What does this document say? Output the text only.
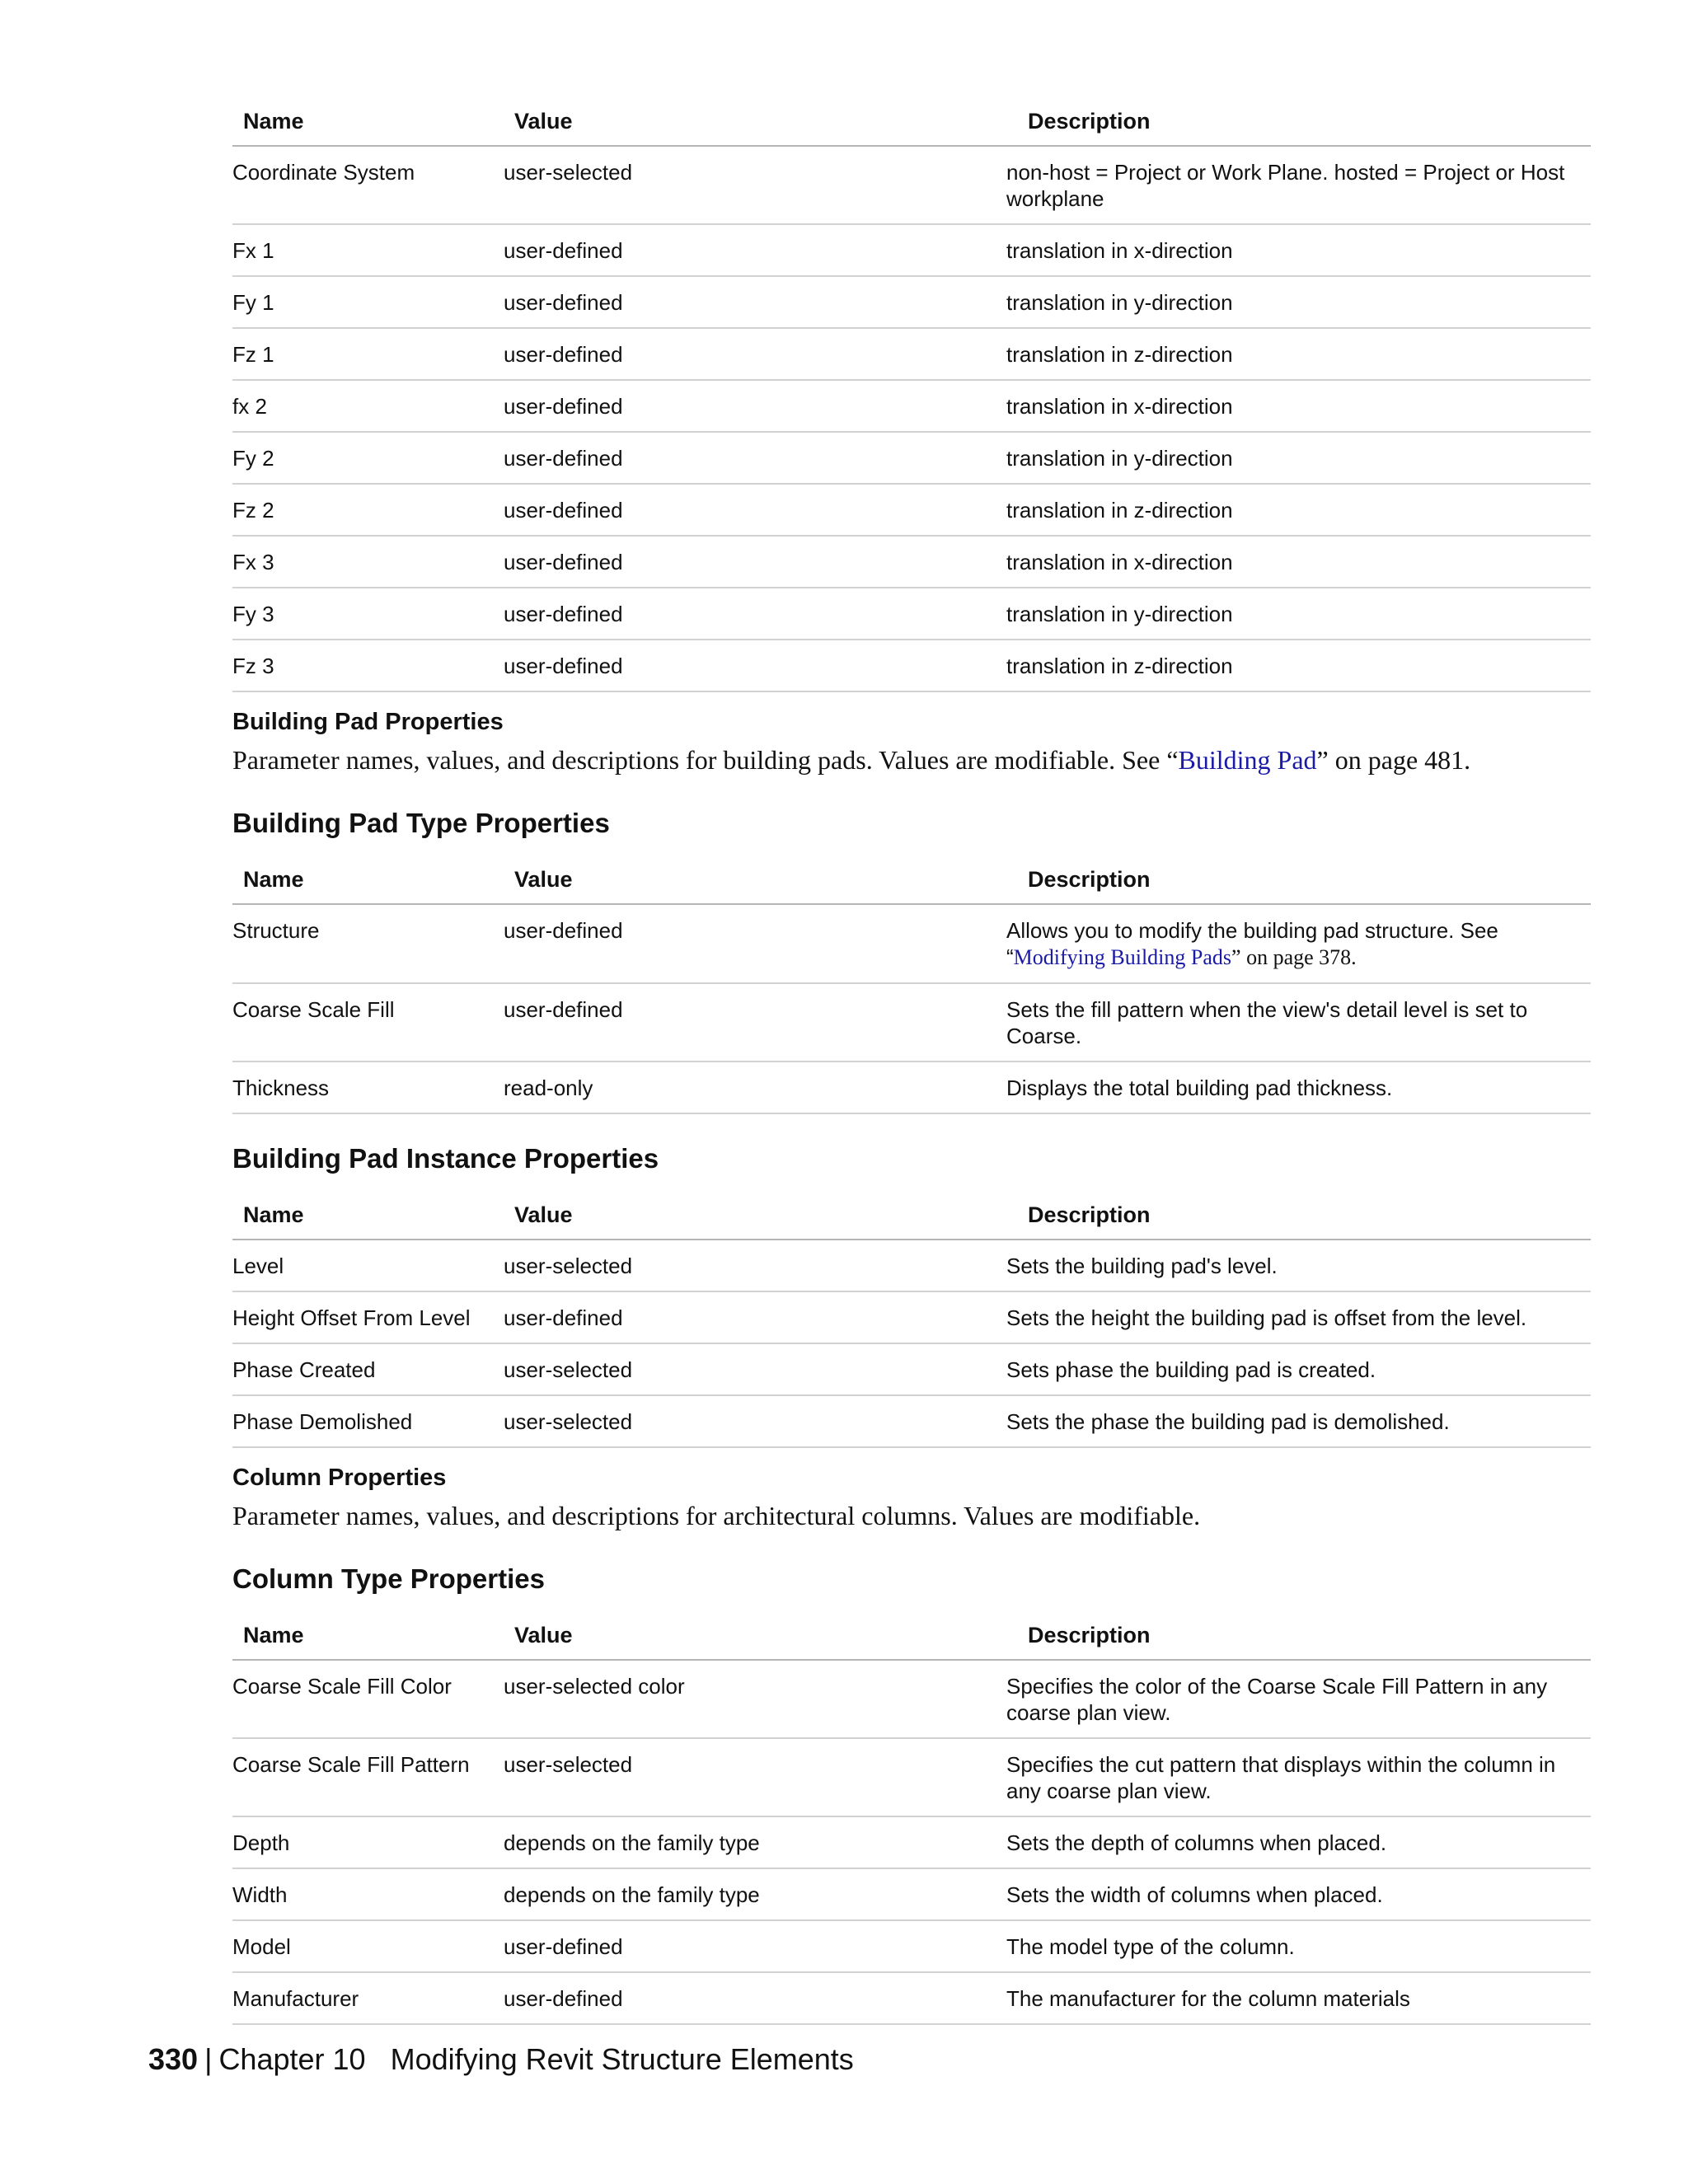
Name	Value	Description
Coordinate System	user-selected	non-host = Project or Work Plane. hosted = Project or Host workplane
Fx 1	user-defined	translation in x-direction
Fy 1	user-defined	translation in y-direction
Fz 1	user-defined	translation in z-direction
fx 2	user-defined	translation in x-direction
Fy 2	user-defined	translation in y-direction
Fz 2	user-defined	translation in z-direction
Fx 3	user-defined	translation in x-direction
Fy 3	user-defined	translation in y-direction
Fz 3	user-defined	translation in z-direction
Building Pad Properties

Parameter names, values, and descriptions for building pads. Values are modifiable. See “Building Pad” on page 481.

Building Pad Type Properties
Name	Value	Description
Structure	user-defined	Allows you to modify the building pad structure. See “Modifying Building Pads” on page 378.
Coarse Scale Fill	user-defined	Sets the fill pattern when the view's detail level is set to Coarse.
Thickness	read-only	Displays the total building pad thickness.
Building Pad Instance Properties
Name	Value	Description
Level	user-selected	Sets the building pad's level.
Height Offset From Level	user-defined	Sets the height the building pad is offset from the level.
Phase Created	user-selected	Sets phase the building pad is created.
Phase Demolished	user-selected	Sets the phase the building pad is demolished.
Column Properties

Parameter names, values, and descriptions for architectural columns. Values are modifiable.

Column Type Properties
Name	Value	Description
Coarse Scale Fill Color	user-selected color	Specifies the color of the Coarse Scale Fill Pattern in any coarse plan view.
Coarse Scale Fill Pattern	user-selected	Specifies the cut pattern that displays within the column in any coarse plan view.
Depth	depends on the family type	Sets the depth of columns when placed.
Width	depends on the family type	Sets the width of columns when placed.
Model	user-defined	The model type of the column.
Manufacturer	user-defined	The manufacturer for the column materials
330 | Chapter 10 Modifying Revit Structure Elements
